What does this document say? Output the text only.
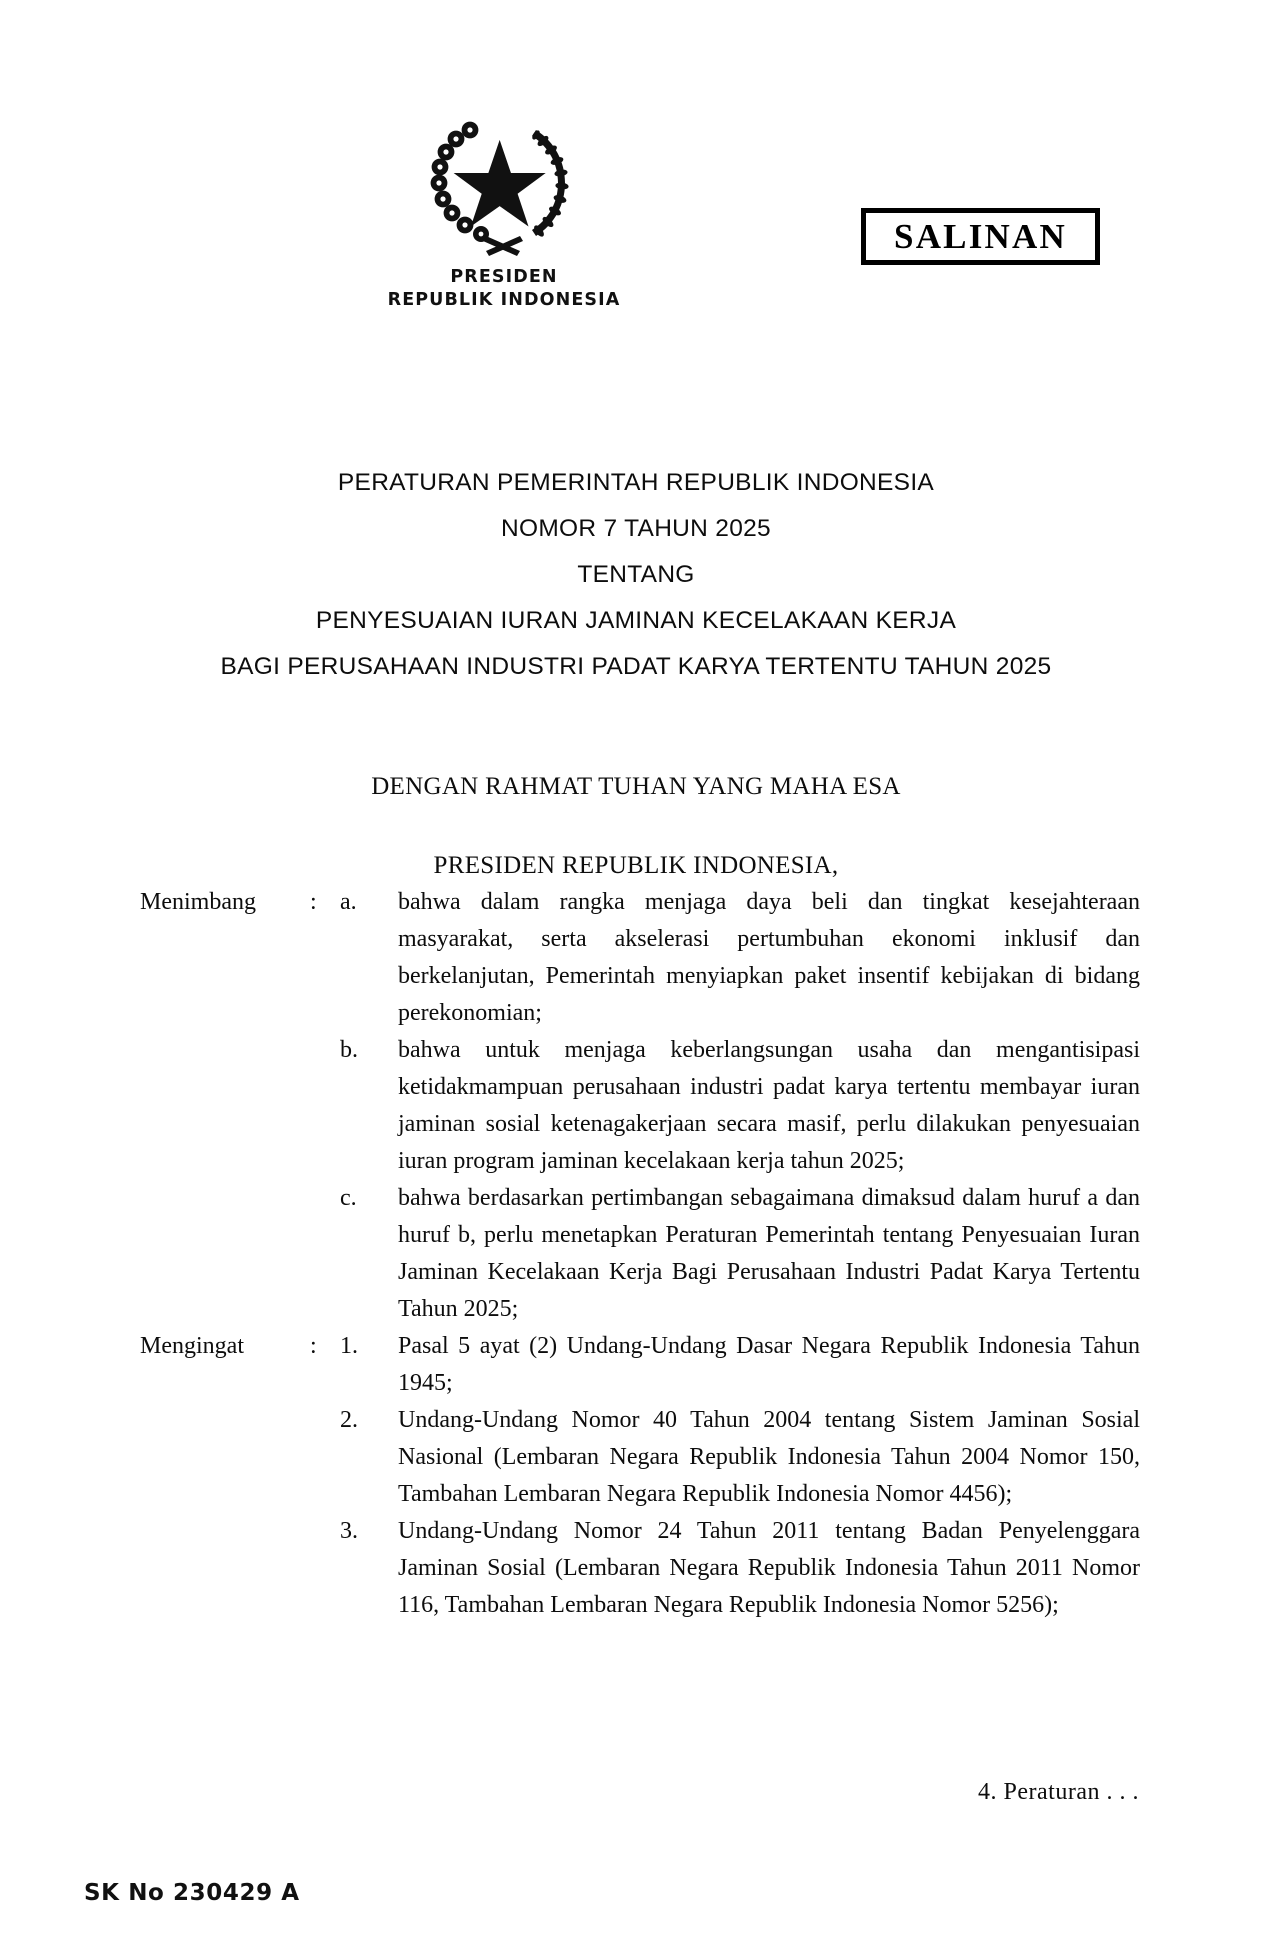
PRESIDEN
REPUBLIK INDONESIA
SALINAN
PERATURAN PEMERINTAH REPUBLIK INDONESIA
NOMOR 7 TAHUN 2025
TENTANG
PENYESUAIAN IURAN JAMINAN KECELAKAAN KERJA
BAGI PERUSAHAAN INDUSTRI PADAT KARYA TERTENTU TAHUN 2025
DENGAN RAHMAT TUHAN YANG MAHA ESA
PRESIDEN REPUBLIK INDONESIA,
Menimbang	: a.	bahwa dalam rangka menjaga daya beli dan tingkat kesejahteraan masyarakat, serta akselerasi pertumbuhan ekonomi inklusif dan berkelanjutan, Pemerintah menyiapkan paket insentif kebijakan di bidang perekonomian;
b.	bahwa untuk menjaga keberlangsungan usaha dan mengantisipasi ketidakmampuan perusahaan industri padat karya tertentu membayar iuran jaminan sosial ketenagakerjaan secara masif, perlu dilakukan penyesuaian iuran program jaminan kecelakaan kerja tahun 2025;
c.	bahwa berdasarkan pertimbangan sebagaimana dimaksud dalam huruf a dan huruf b, perlu menetapkan Peraturan Pemerintah tentang Penyesuaian Iuran Jaminan Kecelakaan Kerja Bagi Perusahaan Industri Padat Karya Tertentu Tahun 2025;
Mengingat	: 1.	Pasal 5 ayat (2) Undang-Undang Dasar Negara Republik Indonesia Tahun 1945;
2.	Undang-Undang Nomor 40 Tahun 2004 tentang Sistem Jaminan Sosial Nasional (Lembaran Negara Republik Indonesia Tahun 2004 Nomor 150, Tambahan Lembaran Negara Republik Indonesia Nomor 4456);
3.	Undang-Undang Nomor 24 Tahun 2011 tentang Badan Penyelenggara Jaminan Sosial (Lembaran Negara Republik Indonesia Tahun 2011 Nomor 116, Tambahan Lembaran Negara Republik Indonesia Nomor 5256);
4. Peraturan . . .
SK No 230429 A
